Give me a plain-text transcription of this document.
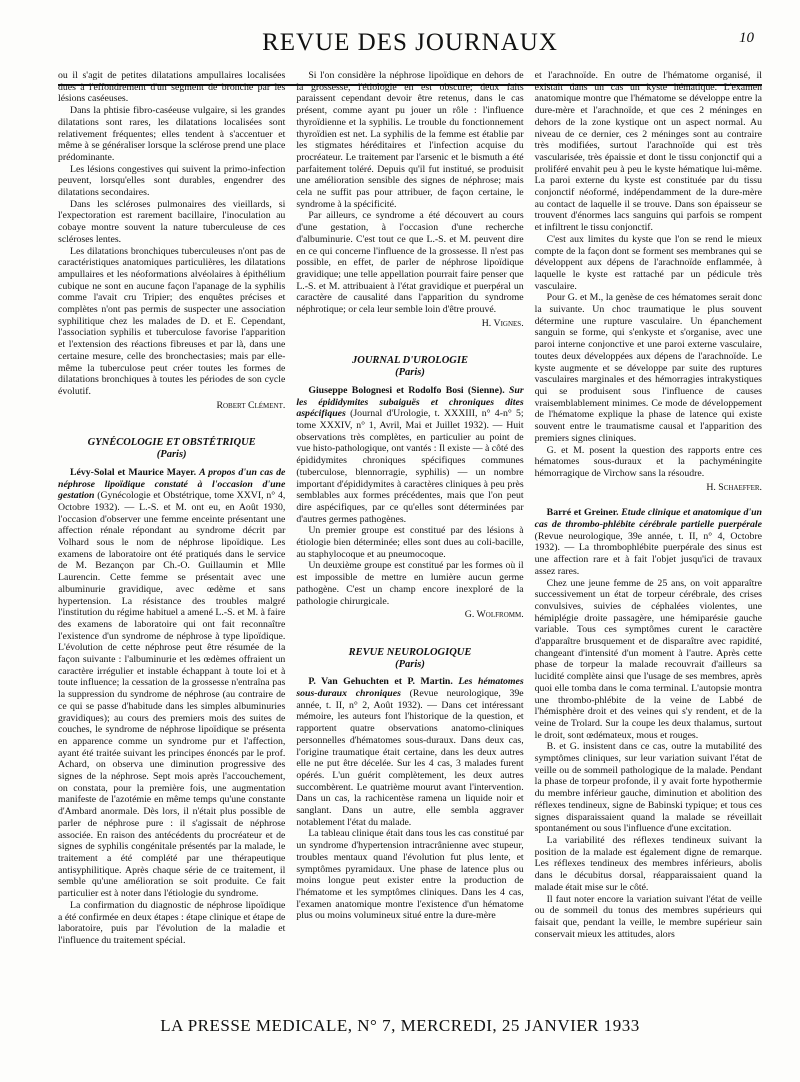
REVUE DES JOURNAUX	10

ou il s'agit de petites dilatations ampullaires localisées dues à l'effondrement d'un segment de bronche par les lésions caséeuses.

Dans la phtisie fibro-caséeuse vulgaire, si les grandes dilatations sont rares, les dilatations localisées sont relativement fréquentes; elles tendent à s'accentuer et même à se généraliser lorsque la sclérose prend une place prédominante.

Les lésions congestives qui suivent la primo-infection peuvent, lorsqu'elles sont durables, engendrer des dilatations secondaires.

Dans les scléroses pulmonaires des vieillards, si l'expectoration est rarement bacillaire, l'inoculation au cobaye montre souvent la nature tuberculeuse de ces scléroses lentes.

Les dilatations bronchiques tuberculeuses n'ont pas de caractéristiques anatomiques particulières, les dilatations ampullaires et les néoformations alvéolaires à épithélium cubique ne sont en aucune façon l'apanage de la syphilis comme l'avait cru Tripier; des enquêtes précises et complètes n'ont pas permis de suspecter une association syphilitique chez les malades de D. et E. Cependant, l'association syphilis et tuberculose favorise l'apparition et l'extension des réactions fibreuses et par là, dans une certaine mesure, celle des bronchectasies; mais par elle-même la tuberculose peut créer toutes les formes de dilatations bronchiques à toutes les périodes de son cycle évolutif.

Robert Clément.
GYNÉCOLOGIE ET OBSTÉTRIQUE
(Paris)

Lévy-Solal et Maurice Mayer. A propos d'un cas de néphrose lipoïdique constaté à l'occasion d'une gestation (Gynécologie et Obstétrique, tome XXVI, n° 4, Octobre 1932). — L.-S. et M. ont eu, en Août 1930, l'occasion d'observer une femme enceinte présentant une affection rénale répondant au syndrome décrit par Volhard sous le nom de néphrose lipoïdique. Les examens de laboratoire ont été pratiqués dans le service de M. Bezançon par Ch.-O. Guillaumin et Mlle Laurencin. Cette femme se présentait avec une albuminurie gravidique, avec œdème et sans hypertension. La résistance des troubles malgré l'institution du régime habituel a amené L.-S. et M. à faire des examens de laboratoire qui ont fait reconnaître l'existence d'un syndrome de néphrose à type lipoïdique. L'évolution de cette néphrose peut être résumée de la façon suivante : l'albuminurie et les œdèmes offraient un caractère irrégulier et instable échappant à toute loi et à toute influence; la cessation de la grossesse n'entraîna pas la suppression du syndrome de néphrose (au contraire de ce qui se passe d'habitude dans les simples albuminuries gravidiques); au cours des premiers mois des suites de couches, le syndrome de néphrose lipoïdique se présenta en apparence comme un syndrome pur et l'affection, ayant été traitée suivant les principes énoncés par le prof. Achard, on observa une diminution progressive des signes de la néphrose. Sept mois après l'accouchement, on constata, pour la première fois, une augmentation manifeste de l'azotémie en même temps qu'une constante d'Ambard anormale. Dès lors, il n'était plus possible de parler de néphrose pure : il s'agissait de néphrose associée. En raison des antécédents du procréateur et de signes de syphilis congénitale présentés par la malade, le traitement a été complété par une thérapeutique antisyphilitique. Après chaque série de ce traitement, il semble qu'une amélioration se soit produite. Ce fait particulier est à noter dans l'étiologie du syndrome.

La confirmation du diagnostic de néphrose lipoïdique a été confirmée en deux étapes : étape clinique et étape de laboratoire, puis par l'évolution de la maladie et l'influence du traitement spécial.

Si l'on considère la néphrose lipoïdique en dehors de la grossesse, l'étiologie en est obscure; deux faits paraissent cependant devoir être retenus, dans le cas présent, comme ayant pu jouer un rôle : l'influence thyroïdienne et la syphilis. Le trouble du fonctionnement thyroïdien est net. La syphilis de la femme est établie par les stigmates héréditaires et l'infection acquise du procréateur. Le traitement par l'arsenic et le bismuth a été parfaitement toléré. Depuis qu'il fut institué, se produisit une amélioration sensible des signes de néphrose; mais cela ne suffit pas pour attribuer, de façon certaine, le syndrome à la spécificité.

Par ailleurs, ce syndrome a été découvert au cours d'une gestation, à l'occasion d'une recherche d'albuminurie. C'est tout ce que L.-S. et M. peuvent dire en ce qui concerne l'influence de la grossesse. Il n'est pas possible, en effet, de parler de néphrose lipoïdique gravidique; une telle appellation pourrait faire penser que L.-S. et M. attribuaient à l'état gravidique et puerpéral un caractère de causalité dans l'apparition du syndrome néphrotique; or cela leur semble loin d'être prouvé.

H. Vignes.
JOURNAL D'UROLOGIE
(Paris)

Giuseppe Bolognesi et Rodolfo Bosi (Sienne). Sur les épididymites subaiguës et chroniques dites aspécifiques (Journal d'Urologie, t. XXXIII, n° 4-n° 5; tome XXXIV, n° 1, Avril, Mai et Juillet 1932). — Huit observations très complètes, en particulier au point de vue histo-pathologique, ont vantés : Il existe — à côté des épididymites chroniques spécifiques communes (tuberculose, blennorragie, syphilis) — un nombre important d'épididymites à caractères cliniques à peu près semblables aux formes précédentes, mais que l'on peut dire aspécifiques, par ce qu'elles sont déterminées par d'autres germes pathogènes.

Un premier groupe est constitué par des lésions à étiologie bien déterminée; elles sont dues au coli-bacille, au staphylocoque et au pneumocoque.

Un deuxième groupe est constitué par les formes où il est impossible de mettre en lumière aucun germe pathogène. C'est un champ encore inexploré de la pathologie chirurgicale.

G. Wolfromm.
REVUE NEUROLOGIQUE
(Paris)

P. Van Gehuchten et P. Martin. Les hématomes sous-duraux chroniques (Revue neurologique, 39e année, t. II, n° 2, Août 1932). — Dans cet intéressant mémoire, les auteurs font l'historique de la question, et rapportent quatre observations anatomo-cliniques personnelles d'hématomes sous-duraux. Dans deux cas, l'origine traumatique était certaine, dans les deux autres elle ne put être décelée. Sur les 4 cas, 3 malades furent opérés. L'un guérit complètement, les deux autres succombèrent. Le quatrième mourut avant l'intervention. Dans un cas, la rachicentèse ramena un liquide noir et sanglant. Dans un autre, elle sembla aggraver notablement l'état du malade.

La tableau clinique était dans tous les cas constitué par un syndrome d'hypertension intracrânienne avec stupeur, troubles mentaux quand l'évolution fut plus lente, et symptômes pyramidaux. Une phase de latence plus ou moins longue peut exister entre la production de l'hématome et les symptômes cliniques. Dans les 4 cas, l'examen anatomique montre l'existence d'un hématome plus ou moins volumineux situé entre la dure-mère

et l'arachnoïde. En outre de l'hématome organisé, il existait dans un cas un kyste hématique. L'examen anatomique montre que l'hématome se développe entre la dure-mère et l'arachnoïde, et que ces 2 méninges en dehors de la zone kystique ont un aspect normal. Au niveau de ce dernier, ces 2 méninges sont au contraire très modifiées, surtout l'arachnoïde qui est très vascularisée, très épaissie et dont le tissu conjonctif qui a proliféré envahit peu à peu le kyste hématique lui-même. La paroi externe du kyste est constituée par du tissu conjonctif néoformé, indépendamment de la dure-mère au contact de laquelle il se trouve. Dans son épaisseur se trouvent d'énormes lacs sanguins qui parfois se rompent et infiltrent le tissu conjonctif.

C'est aux limites du kyste que l'on se rend le mieux compte de la façon dont se forment ses membranes qui se développent aux dépens de l'arachnoïde enflammée, à laquelle le kyste est rattaché par un pédicule très vasculaire.

Pour G. et M., la genèse de ces hématomes serait donc la suivante. Un choc traumatique le plus souvent détermine une rupture vasculaire. Un épanchement sanguin se forme, qui s'enkyste et s'organise, avec une paroi interne conjonctive et une paroi externe vasculaire, toutes deux développées aux dépens de l'arachnoïde. Le kyste augmente et se développe par suite des ruptures vasculaires marginales et des hémorragies intrakystiques qui se produisent sous l'influence de causes vraisemblablement minimes. Ce mode de développement de l'hématome explique la phase de latence qui existe souvent entre le traumatisme causal et l'apparition des premiers signes cliniques.

G. et M. posent la question des rapports entre ces hématomes sous-duraux et la pachyméningite hémorragique de Virchow sans la résoudre.

H. Schaeffer.

Barré et Greiner. Etude clinique et anatomique d'un cas de thrombo-phlébite cérébrale partielle puerpérale (Revue neurologique, 39e année, t. II, n° 4, Octobre 1932). — La thrombophlébite puerpérale des sinus est une affection rare et à fait l'objet jusqu'ici de travaux assez rares.

Chez une jeune femme de 25 ans, on voit apparaître successivement un état de torpeur cérébrale, des crises convulsives, suivies de céphalées violentes, une hémiplégie droite passagère, une hémiparésie gauche variable. Tous ces symptômes curent le caractère d'apparaître brusquement et de disparaître avec rapidité, changeant d'intensité d'un moment à l'autre. Après cette phase de torpeur la malade recouvrait d'ailleurs sa lucidité complète ainsi que l'usage de ses membres, après quoi elle tomba dans le coma terminal. L'autopsie montra une thrombo-phlébite de la veine de Labbé de l'hémisphère droit et des veines qui s'y rendent, et de la veine de Trolard. Sur la coupe les deux thalamus, surtout le droit, sont œdémateux, mous et rouges.

B. et G. insistent dans ce cas, outre la mutabilité des symptômes cliniques, sur leur variation suivant l'état de veille ou de sommeil pathologique de la malade. Pendant la phase de torpeur profonde, il y avait forte hypothermie du membre inférieur gauche, diminution et abolition des réflexes tendineux, signe de Babinski typique; et tous ces signes disparaissaient quand la malade se réveillait spontanément ou sous l'influence d'une excitation.

La variabilité des réflexes tendineux suivant la position de la malade est également digne de remarque. Les réflexes tendineux des membres inférieurs, abolis dans le décubitus dorsal, réapparaissaient quand la malade était mise sur le côté.

Il faut noter encore la variation suivant l'état de veille ou de sommeil du tonus des membres supérieurs qui faisait que, pendant la veille, le membre supérieur sain conservait mieux les attitudes, alors

LA PRESSE MEDICALE, N° 7, MERCREDI, 25 JANVIER 1933
